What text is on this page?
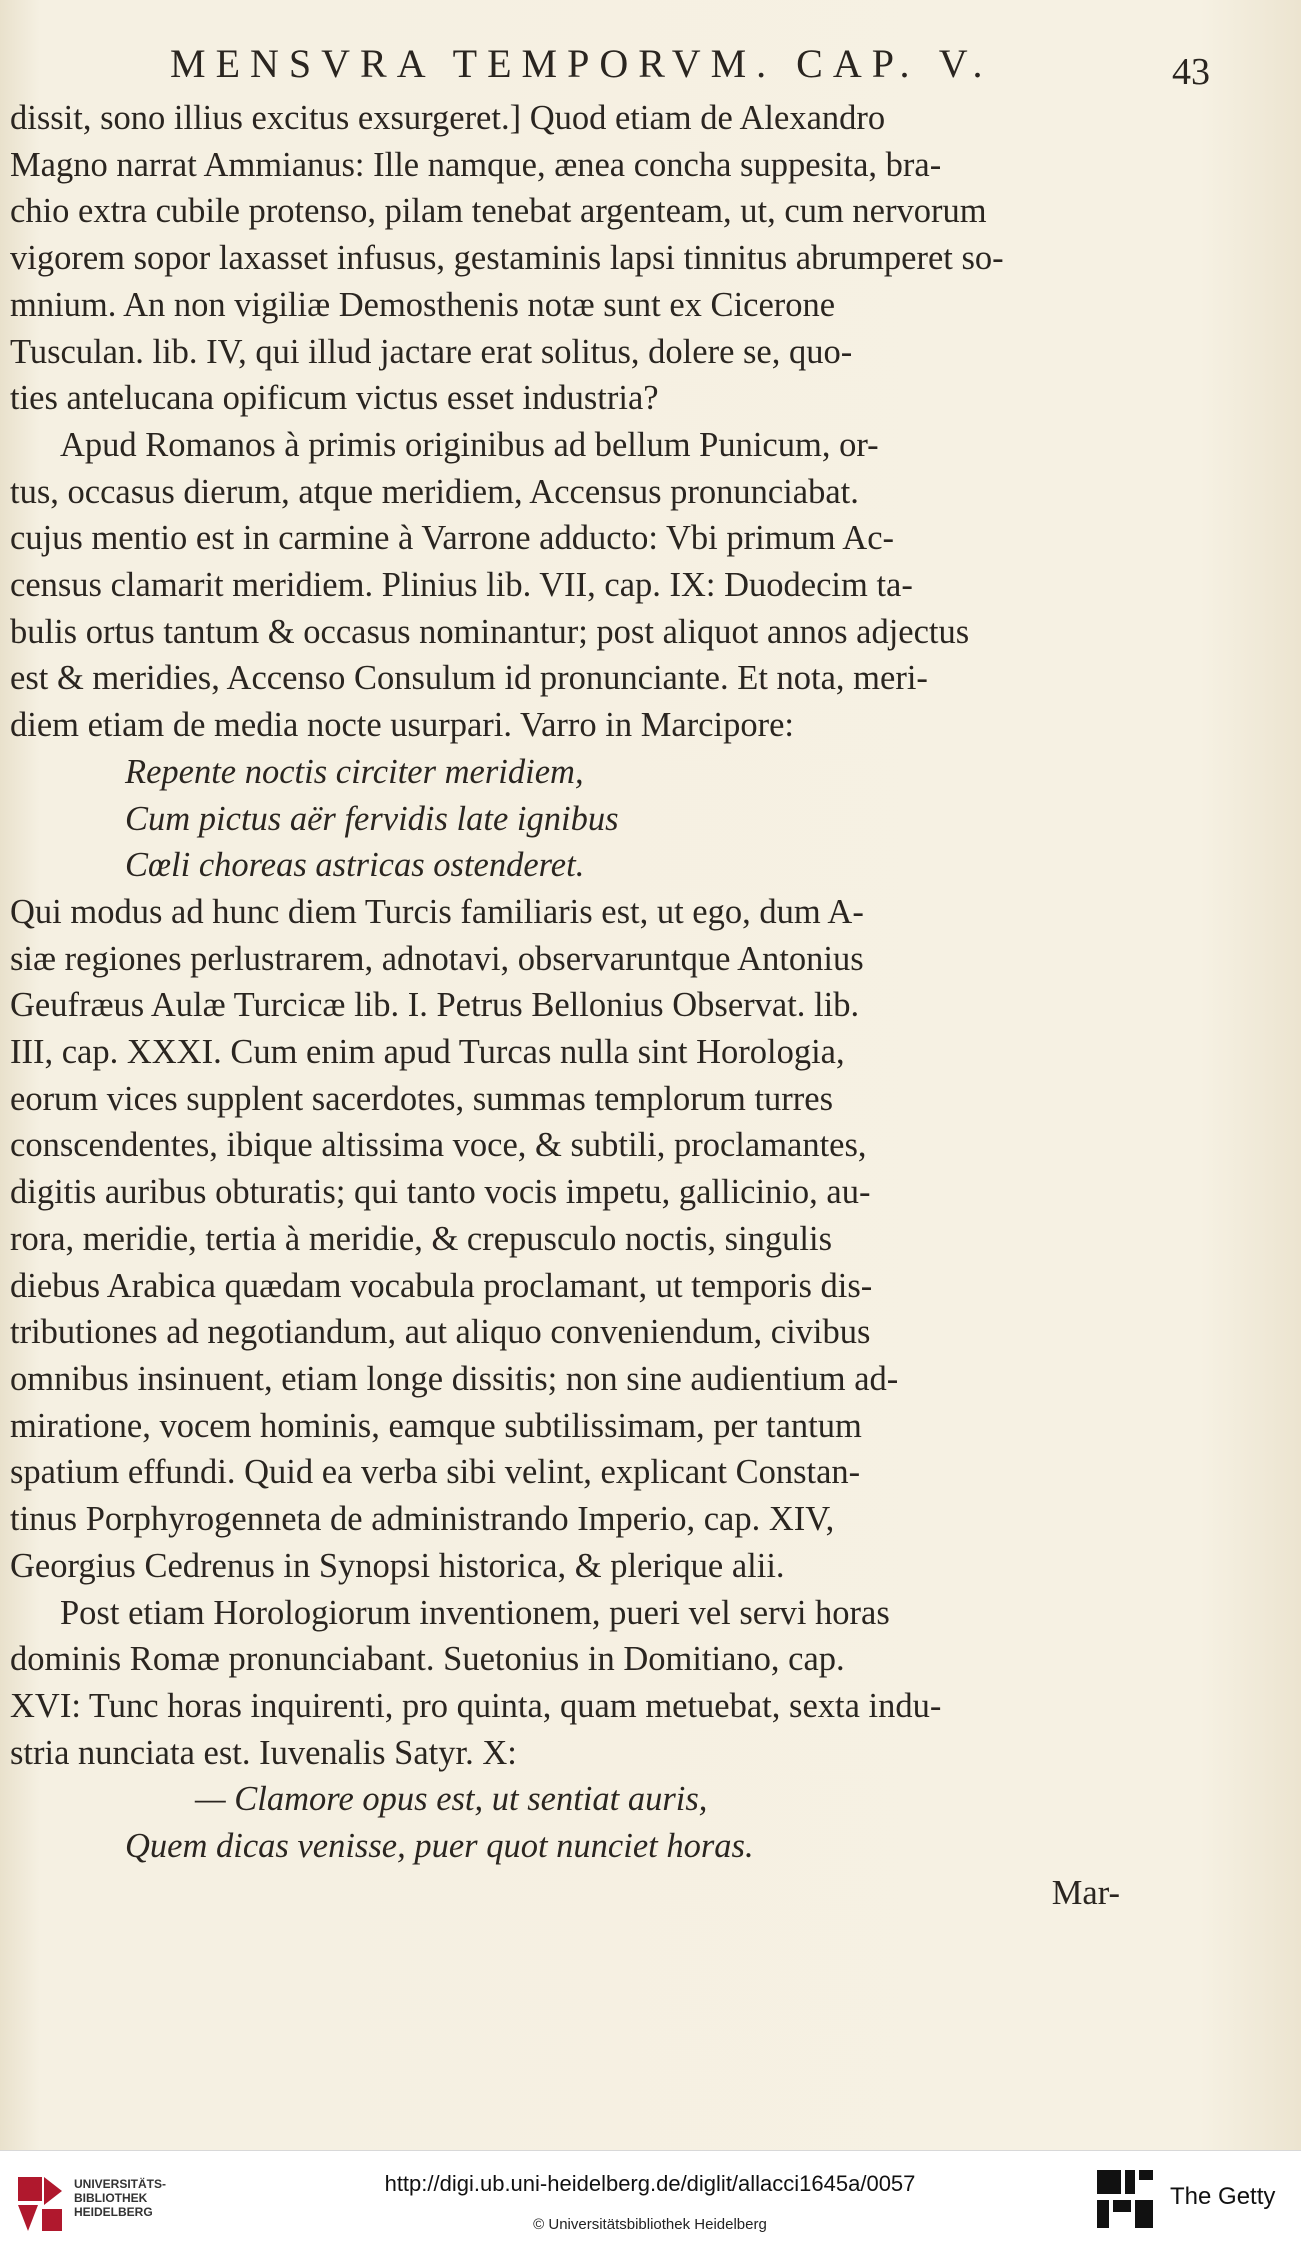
MENSVRA TEMPORVM. CAP. V.	43
dissit, sono illius excitus exsurgeret.] Quod etiam de Alexandro
Magno narrat Ammianus: Ille namque, ænea concha suppesita, bra-
chio extra cubile protenso, pilam tenebat argenteam, ut, cum nervorum
vigorem sopor laxasset infusus, gestaminis lapsi tinnitus abrumperet so-
mnium. An non vigiliæ Demosthenis notæ sunt ex Cicerone
Tusculan. lib. IV, qui illud jactare erat solitus, dolere se, quo-
ties antelucana opificum victus esset industria?
Apud Romanos à primis originibus ad bellum Punicum, or-
tus, occasus dierum, atque meridiem, Accensus pronunciabat.
cujus mentio est in carmine à Varrone adducto: Vbi primum Ac-
census clamarit meridiem. Plinius lib. VII, cap. IX: Duodecim ta-
bulis ortus tantum & occasus nominantur; post aliquot annos adjectus
est & meridies, Accenso Consulum id pronunciante. Et nota, meri-
diem etiam de media nocte usurpari. Varro in Marcipore:
Repente noctis circiter meridiem,
Cum pictus aër fervidis late ignibus
Cœli choreas astricas ostenderet.
Qui modus ad hunc diem Turcis familiaris est, ut ego, dum A-
siæ regiones perlustrarem, adnotavi, observaruntque Antonius
Geufræus Aulæ Turcicæ lib. I. Petrus Bellonius Observat. lib.
III, cap. XXXI. Cum enim apud Turcas nulla sint Horologia,
eorum vices supplent sacerdotes, summas templorum turres
conscendentes, ibique altissima voce, & subtili, proclamantes,
digitis auribus obturatis; qui tanto vocis impetu, gallicinio, au-
rora, meridie, tertia à meridie, & crepusculo noctis, singulis
diebus Arabica quædam vocabula proclamant, ut temporis dis-
tributiones ad negotiandum, aut aliquo conveniendum, civibus
omnibus insinuent, etiam longe dissitis; non sine audientium ad-
miratione, vocem hominis, eamque subtilissimam, per tantum
spatium effundi. Quid ea verba sibi velint, explicant Constan-
tinus Porphyrogenneta de administrando Imperio, cap. XIV,
Georgius Cedrenus in Synopsi historica, & plerique alii.
Post etiam Horologiorum inventionem, pueri vel servi horas
dominis Romæ pronunciabant. Suetonius in Domitiano, cap.
XVI: Tunc horas inquirenti, pro quinta, quam metuebat, sexta indu-
stria nunciata est. Iuvenalis Satyr. X:
— Clamore opus est, ut sentiat auris,
Quem dicas venisse, puer quot nunciet horas.
Mar-
UNIVERSITÄTS-
BIBLIOTHEK
HEIDELBERG
http://digi.ub.uni-heidelberg.de/diglit/allacci1645a/0057
© Universitätsbibliothek Heidelberg
The Getty
